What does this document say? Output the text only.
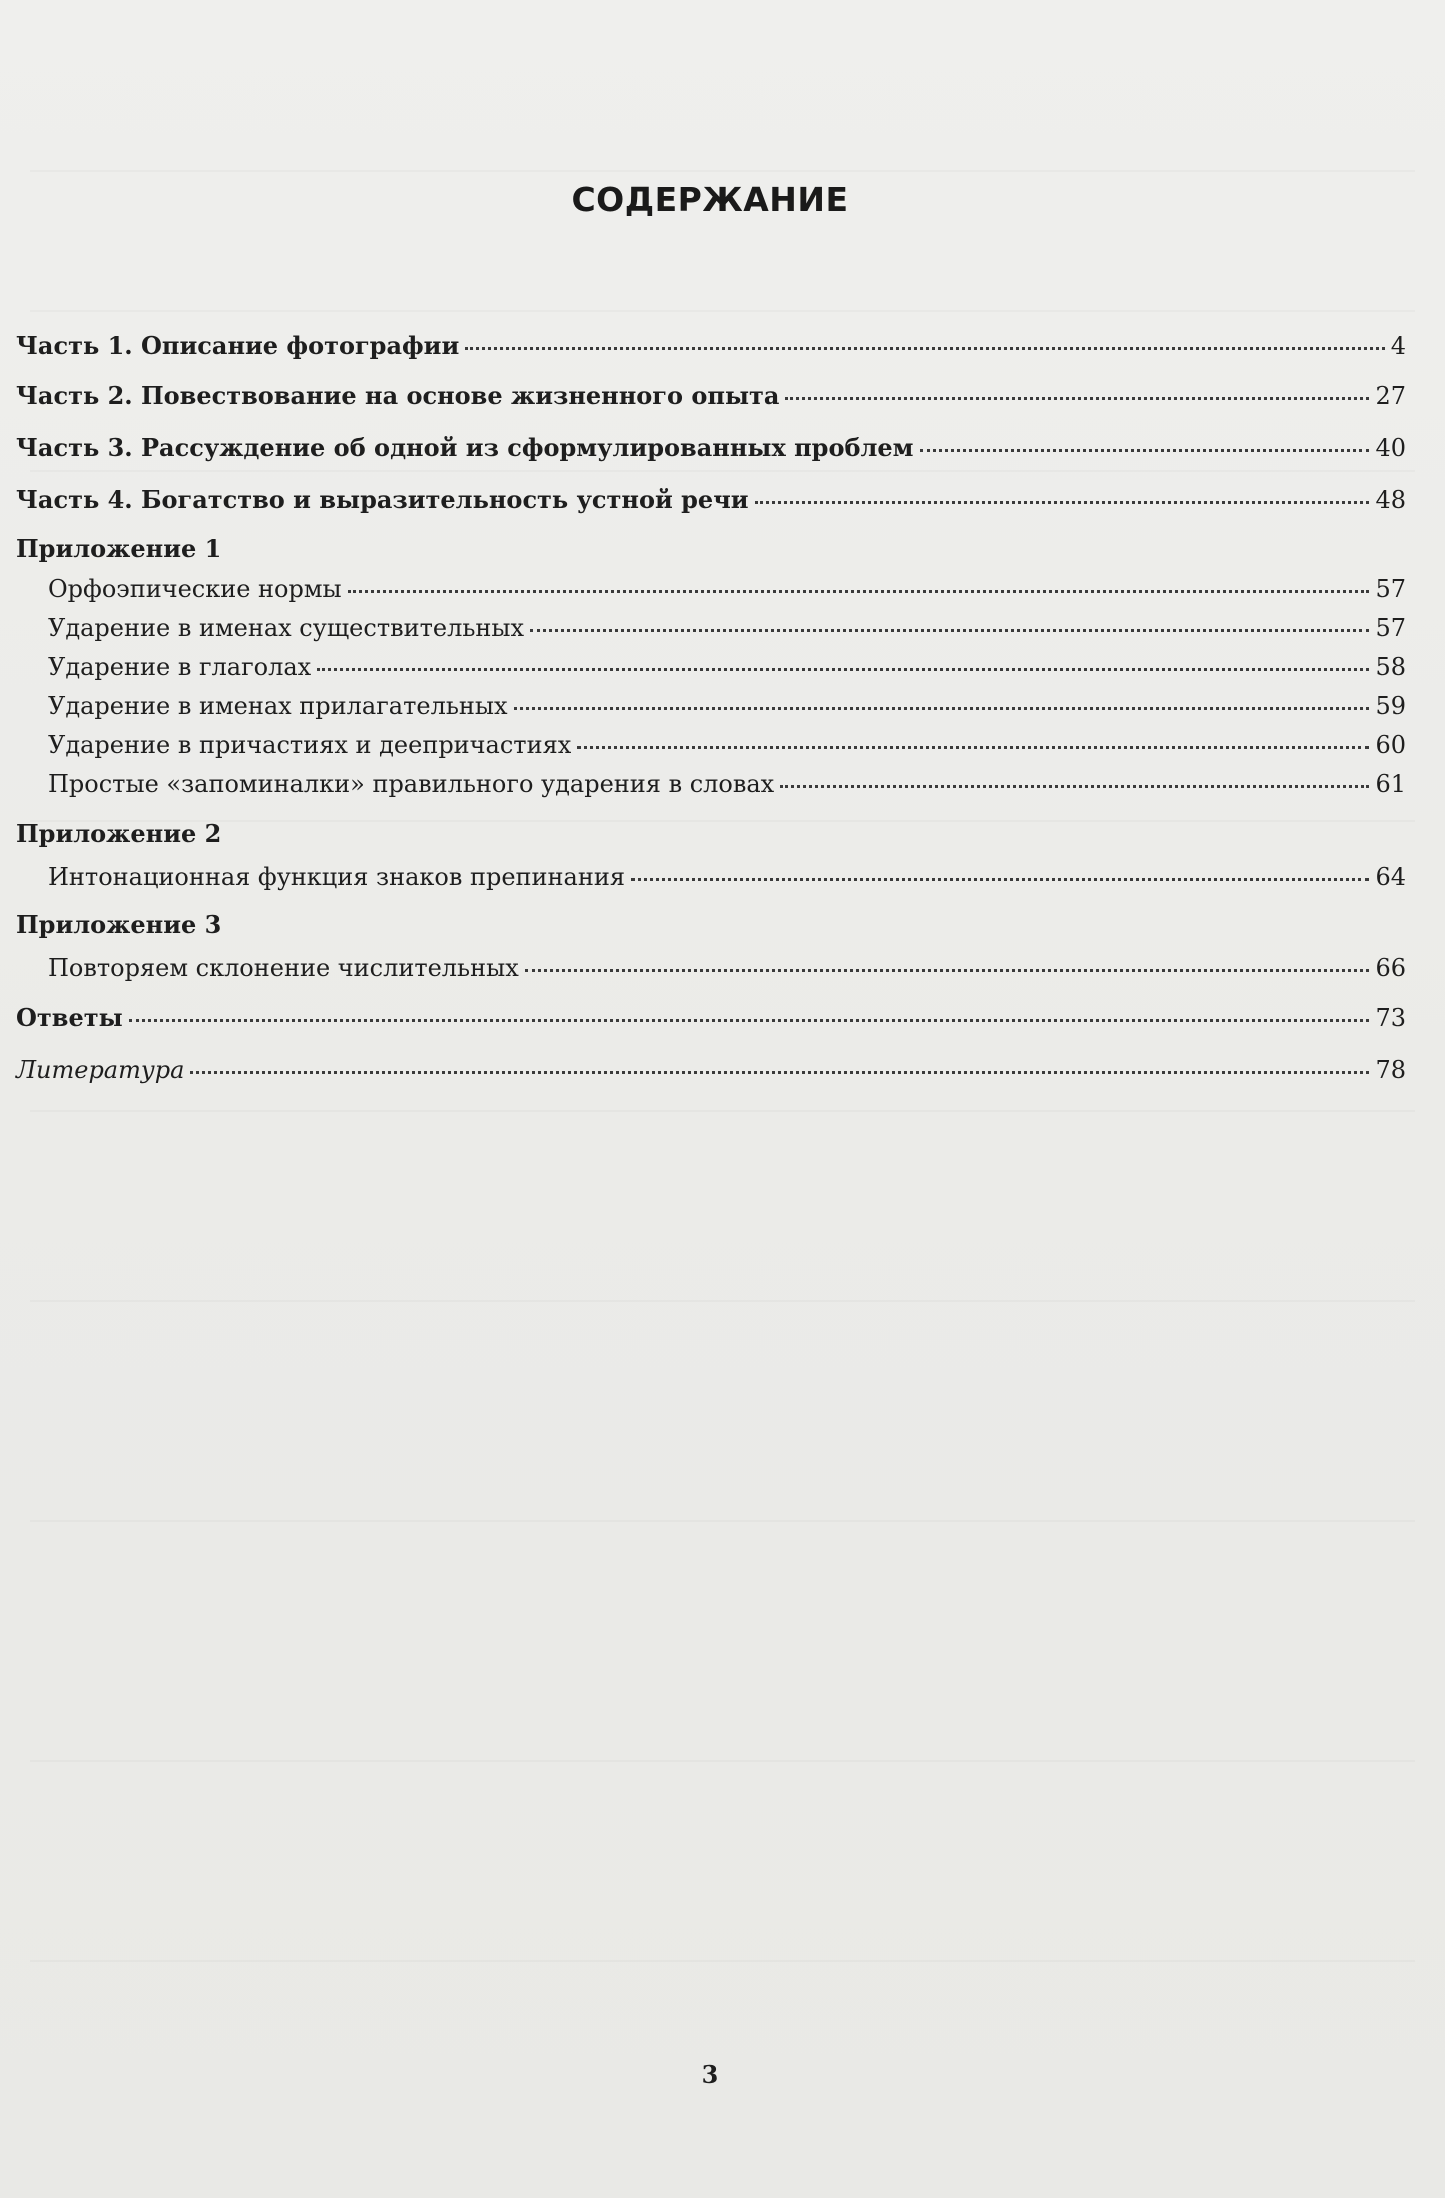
СОДЕРЖАНИЕ
Часть 1. Описание фотографии	4
Часть 2. Повествование на основе жизненного опыта	27
Часть 3. Рассуждение об одной из сформулированных проблем	40
Часть 4. Богатство и выразительность устной речи	48
Приложение 1
Орфоэпические нормы	57
Ударение в именах существительных	57
Ударение в глаголах	58
Ударение в именах прилагательных	59
Ударение в причастиях и деепричастиях	60
Простые «запоминалки» правильного ударения в словах	61
Приложение 2
Интонационная функция знаков препинания	64
Приложение 3
Повторяем склонение числительных	66
Ответы	73
Литература	78
3
